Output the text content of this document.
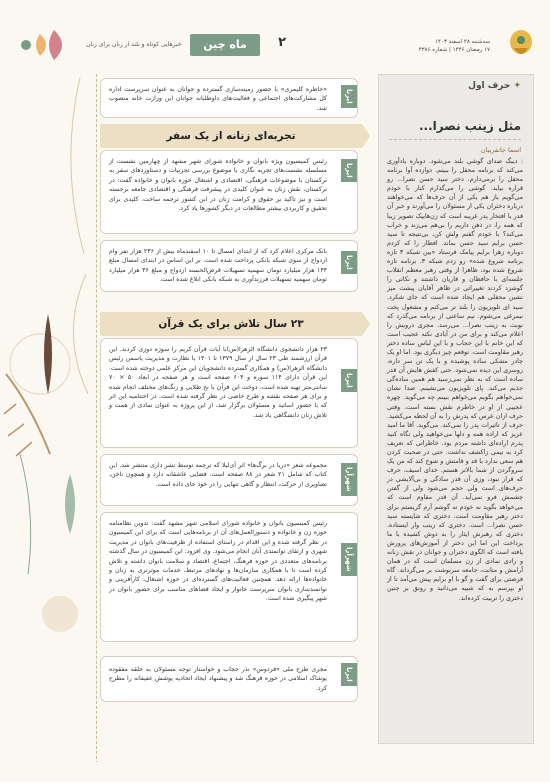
سه‌شنبه ۲۸ اسفند ۱۴۰۳
۱۷ رمضان ۱۴۴۶ | شماره ۴۳۸۶
۲
ماه چین
خبرهایی کوتاه و بلند از زنان برای زنان
ایرنا
«خاطره کلیمری» با حضور زمینه‌سازی گسترده و جوانان به عنوان سرپرست اداره کل مشارکت‌های اجتماعی و فعالیت‌های داوطلبانه جوانان این وزارت خانه منصوب شد.
تجربه‌ای زنانه از یک سفر
ایرنا
رئیس کمیسیون ویژه بانوان و خانواده شورای شهر مشهد از چهارمین نشست از مسلسله نشست‌های تجربه نگاری با موضوع بررسی تجربیات و دستاوردهای سفر به ترکستان با موضوعات فرهنگی، اقتصادی و اشتغال حوزه بانوان و خانواده گفت: در ترکستان، نقش زنان به عنوان کلیدی در پیشرفت فرهنگی و اقتصادی جامعه برجسته است و نیز تاکید بر حقوق و کرامت زنان در این کشور ترجمه ساخت. کلیدی برای تحقیق و کاربردی بیشتر مطالعات در دیگر کشورها یاد کرد.
ایرنا
بانک مرکزی اعلام کرد که از ابتدای امسال تا ۱۰ اسفندماه بیش از ۲۳۶ هزار نفر وام ازدواج از سوی شبکه بانکی پرداخت شده است. بر این اساس در ابتدای امسال مبلغ ۱۴۴ هزار میلیارد تومان سهمیه تسهیلات قرض‌الحسنه ازدواج و مبلغ ۳۶ هزار میلیارد تومان سهمیه تسهیلات فرزندآوری به شبکه بانکی ابلاغ شده است.
۲۳ سال تلاش برای یک قرآن
ایرنا
۲۳ هزار دانشجوی دانشگاه الزهرا(س)با آیات قرآن کریم را سوژه دوزی کردند. این قرآن ارزشمند طی ۲۳ سال از سال ۱۳۷۹ تا ۱۴۰۱ با نظارت و مدیریت یاسمن رئیس دانشگاه الزهرا(س) و همکاری گسترده دانشجویان این مرکز علمی دوخته شده است. این قرآن دارای ۱۱۴ سوره و ۶۰۴ صفحه است و هر صفحه در ابعاد ۵۰ × ۷۰ سانتی‌متر تهیه شده است. دوخت این قرآن با نخ طلایی و رنگ‌های مختلف انجام شده و برای هر صفحه نقشه و طرح خاصی در نظر گرفته شده است. در اختتامیه این اثر که با حضور اساتید و مسئولان برگزار شد، از این پروژه به عنوان نمادی از همت و تلاش زنان دانشگاهی یاد شد.
شهرآرا
مجموعه شعر «دریا در برگ‌ها» اثر آی‌لیلا که ترجمه توسط نشر داری منتشر شد. این کتاب که شامل ۲۱ شعر در ۸۸ صفحه است، فضایی عاشقانه دارد و همچون ناخن، تصاویری از حرکت، انتظار و گاهی تنهایی را در خود جای داده است.
شهرآرا
رئیس کمیسیون بانوان و خانواده شورای اسلامی شهر مشهد گفت: تدوین نظامنامه حوزه زن و خانواده و دستورالعمل‌های آن از برنامه‌هایی است که برای این کمیسیون در نظر گرفته شده و این اقدام در راستای استفاده از ظرفیت‌های بانوان در مدیریت شهری و ارتقای توانمندی آنان انجام می‌شود. وی افزود: این کمیسیون در سال گذشته برنامه‌های متعددی در حوزه فرهنگ، اجتماع، اقتصاد و سلامت بانوان داشته و تلاش کرده است تا با همکاری سازمان‌ها و نهادهای مرتبط، خدمات موثرتری به زنان و خانواده‌ها ارائه دهد. همچنین فعالیت‌های گسترده‌ای در حوزه اشتغال، کارآفرینی و توانمندسازی بانوان سرپرست خانوار و ایجاد فضاهای مناسب برای حضور بانوان در شهر پیگیری شده است.
ایرنا
مجری طرح ملی «فردوس» نذر حجاب و خواستار توجه مسئولان به حلقه مفقوده یوشاک اسلامی در حوزه فرهنگ شد و پیشنهاد ایجاد اتحادیه پوشش عفیفانه را مطرح کرد.
✦ حرف اول
مثل زینب نصرا...
اسما جانفربیان
: دیبگ صدای گوشی بلند می‌شود. دوباره یادآوری می‌کند که برنامه محفل را ببینم. دوازده آوا برنامه محفل را برمی‌دارم، دختر سید حسن نصرا... رو قراره بیاید. گوشی را می‌گذارم کنار با خودم می‌گویم باز هم یکی از آن حرف‌ها که می‌خواهند درباره دختران یکی از مسئولان را می‌آورند و خبر آن قدر با افتخار پدر غریبه است که زن‌هاییک تصویر زیبا که همه را، در ذهن داریم را بی‌هم می‌زند و خراب می‌کند؟ با خودم گفتم ولش کن، بی‌نتیجه تا سید حسن برایم سید حسن بماند. افطار را که کردم دوباره زهرا برایم پیامک فرستاد «بین شبکه ۳ تازه برنامه شروع شده» رو زدم شبکه ۳. برنامه تازه شروع شده بود، ظاهرا از وقتی رهبر معظم انقلاب جلسه‌ای با حافظان و قاریان داشتند و نکاتی را گوشزد کردند تغییراتی در ظاهر آقایان پیشت میز نشین محفلی هم ایجاد شده است که جای شکرد. سید ای تلویزیون را بلند تر می‌کنم و مشغول پخت نیمرغی می‌شوم. نیم ساعتی از برنامه می‌گذرد که نوبت به زینب نصرا... می‌رسد. مجری درویش را اعلام می‌کند و برای من در آبادی نکته عجیب است که این خانم با این حجاب و با این لباس ساده دختر رهبر مقاومت است. توقعم چیز دیگری بود. اما او یک چادر مشکی ساده پوشیده و با یک تن سر داره، روسری این دیده نمی‌شود. حتی کفش هایش آن قدر ساده است که به نظر نمی‌رسید هم همین ساده‌گی جذبم می‌کند. پای تلویزیون می‌نشینم. صدا نشان نمی‌خواهم بگویم می‌خواهم ببینم چه می‌گوید. چهره عجیبی از او در خاطرم نقش بسته است. وقتی حرف ازان عرس که پدرش را به آن لحظه می‌کشید. حرف از تاثیرات پدر را نمی‌کند. می‌گوید. آقا ما امید عزیز که اراده همه و دلها می‌خواهید ولی نگاه کنید پدرم اراده‌ای داشته مردم بود. خاطراتی که تعریف کرد به نیمی زاکشف نداشت. حتی در صحبت کردن هم سعی ندارد با قد و قامتش و شوخ کند که من یک سروگردن از شما بالاتر هستم. خدای اسیف، حرف که قرار نبود، وزی آن قدر سادگی و بی‌آلایشی در حرف‌های است ولی حجم می‌شود ولی از گفتن چشمش فرو نمی‌آید. آن قدر مقاوم است که می‌خواهد بگوید نه خودم نه گوشم آرم گریستم برای دختر رهبر مقاومت است. دختری که شایسته سید حسن نصرا... است. دختری که زینب وار ایستاده. دختری که رهبرش ایثار را به دوش کشیده با ما پرداخت این اما این دختر از آموزش‌های پرورش یافته است که الگوی دختران و جوانان در نقش زنانه و رادی نمادی از زن مسلمان است که در همان آرامش و متانت، جامعه سرنوشت بر می‌گرداند. گاه فرصتی برای گفت و گو با او برایم پیش می‌آمد تا از او بپرسم به که شبیه می‌دانید و رونق بر چنین دختری را تربیت کرده‌اند.
